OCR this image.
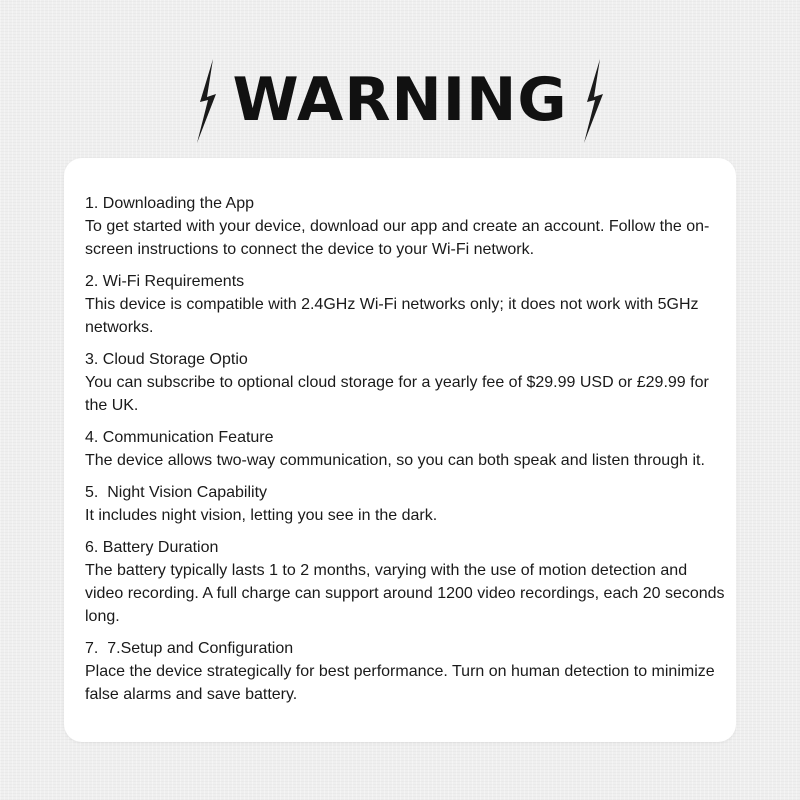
WARNING

1. Downloading the App

To get started with your device, download our app and create an account. Follow the on-screen instructions to connect the device to your Wi-Fi network.

2. Wi-Fi Requirements

This device is compatible with 2.4GHz Wi-Fi networks only; it does not work with 5GHz networks.

3. Cloud Storage Optio

You can subscribe to optional cloud storage for a yearly fee of $29.99 USD or £29.99 for the UK.

4. Communication Feature

The device allows two-way communication, so you can both speak and listen through it.

5.  Night Vision Capability

It includes night vision, letting you see in the dark.

6. Battery Duration

The battery typically lasts 1 to 2 months, varying with the use of motion detection and video recording. A full charge can support around 1200 video recordings, each 20 seconds long.

7.  7.Setup and Configuration

Place the device strategically for best performance. Turn on human detection to minimize false alarms and save battery.
